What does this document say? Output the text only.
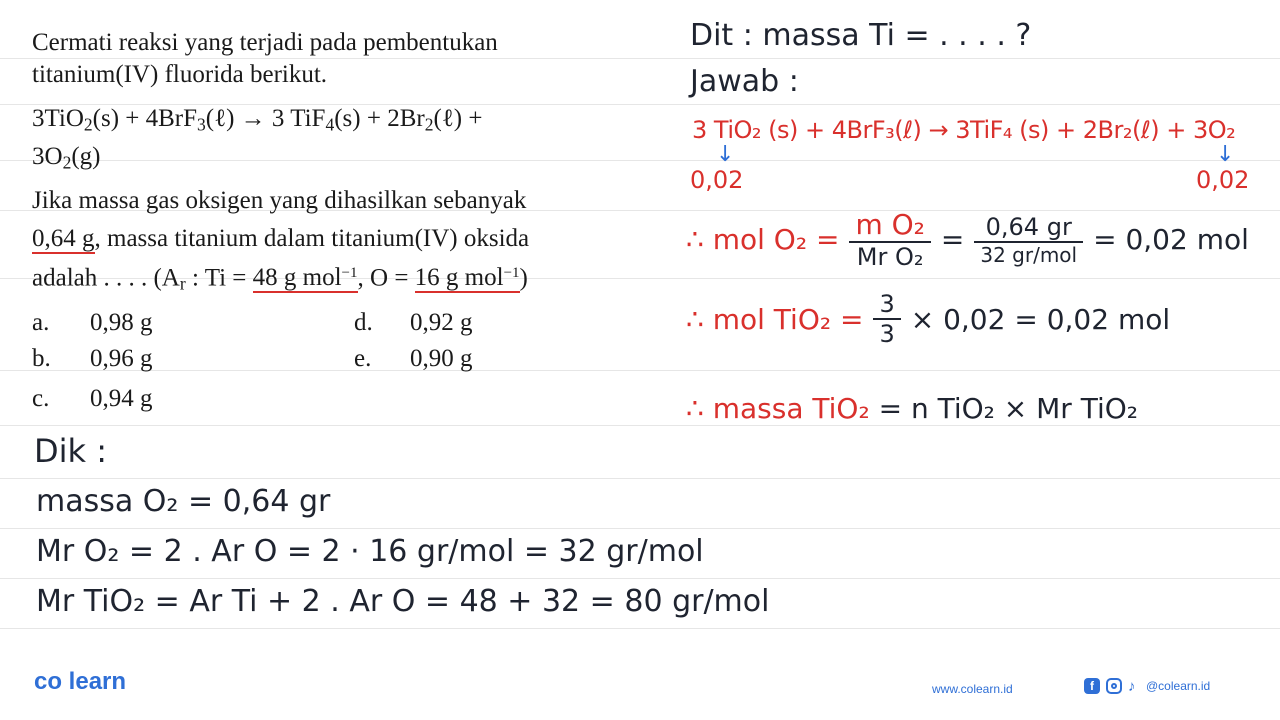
Cermati reaksi yang terjadi pada pembentukan
titanium(IV) fluorida berikut.
3TiO$_2$(s) + 4BrF$_3$(ℓ) → 3 $TiF_4(s) + 2Br_2(\ell)$ +
$3O_2(g)$
Jika massa gas oksigen yang dihasilkan sebanyak
0,64 g, massa titanium dalam titanium(IV) oksida
adalah . . . . ($A_r$ : Ti = 48 g mol$^{-1}$, O = 16 g mol$^{-1}$)
a. 0,98 g
b. 0,96 g
c. 0,94 g
d. 0,92 g
e. 0,90 g
Dit : massa Ti = . . . . ?
Jawab :
3 TiO₂ (s) + 4BrF₃(ℓ) → 3TiF₄ (s) + 2Br₂(ℓ) + 3O₂
↓	↓
0,02	0,02
∴ mol $O_2 = \frac{\text{m O₂}}{\text{Mr O₂}} = \frac{0,64 gr}{\text{32 gr/mol}} = 0,02$ mol
∴ mol $TiO_2 = \frac{3}{3} \times 0,02 = 0,02$ mol
∴ massa TiO₂ = n TiO₂ × Mr TiO₂
Dik :
massa O₂ = 0,64 gr
Mr O₂ = 2 . Ar O = 2 · 16 gr/mol = 32 gr/mol
Mr TiO₂ = Ar Ti + 2 . Ar O = 48 + 32 = 80 gr/mol
co learn	www.colearn.id	f	♪ @colearn.id
